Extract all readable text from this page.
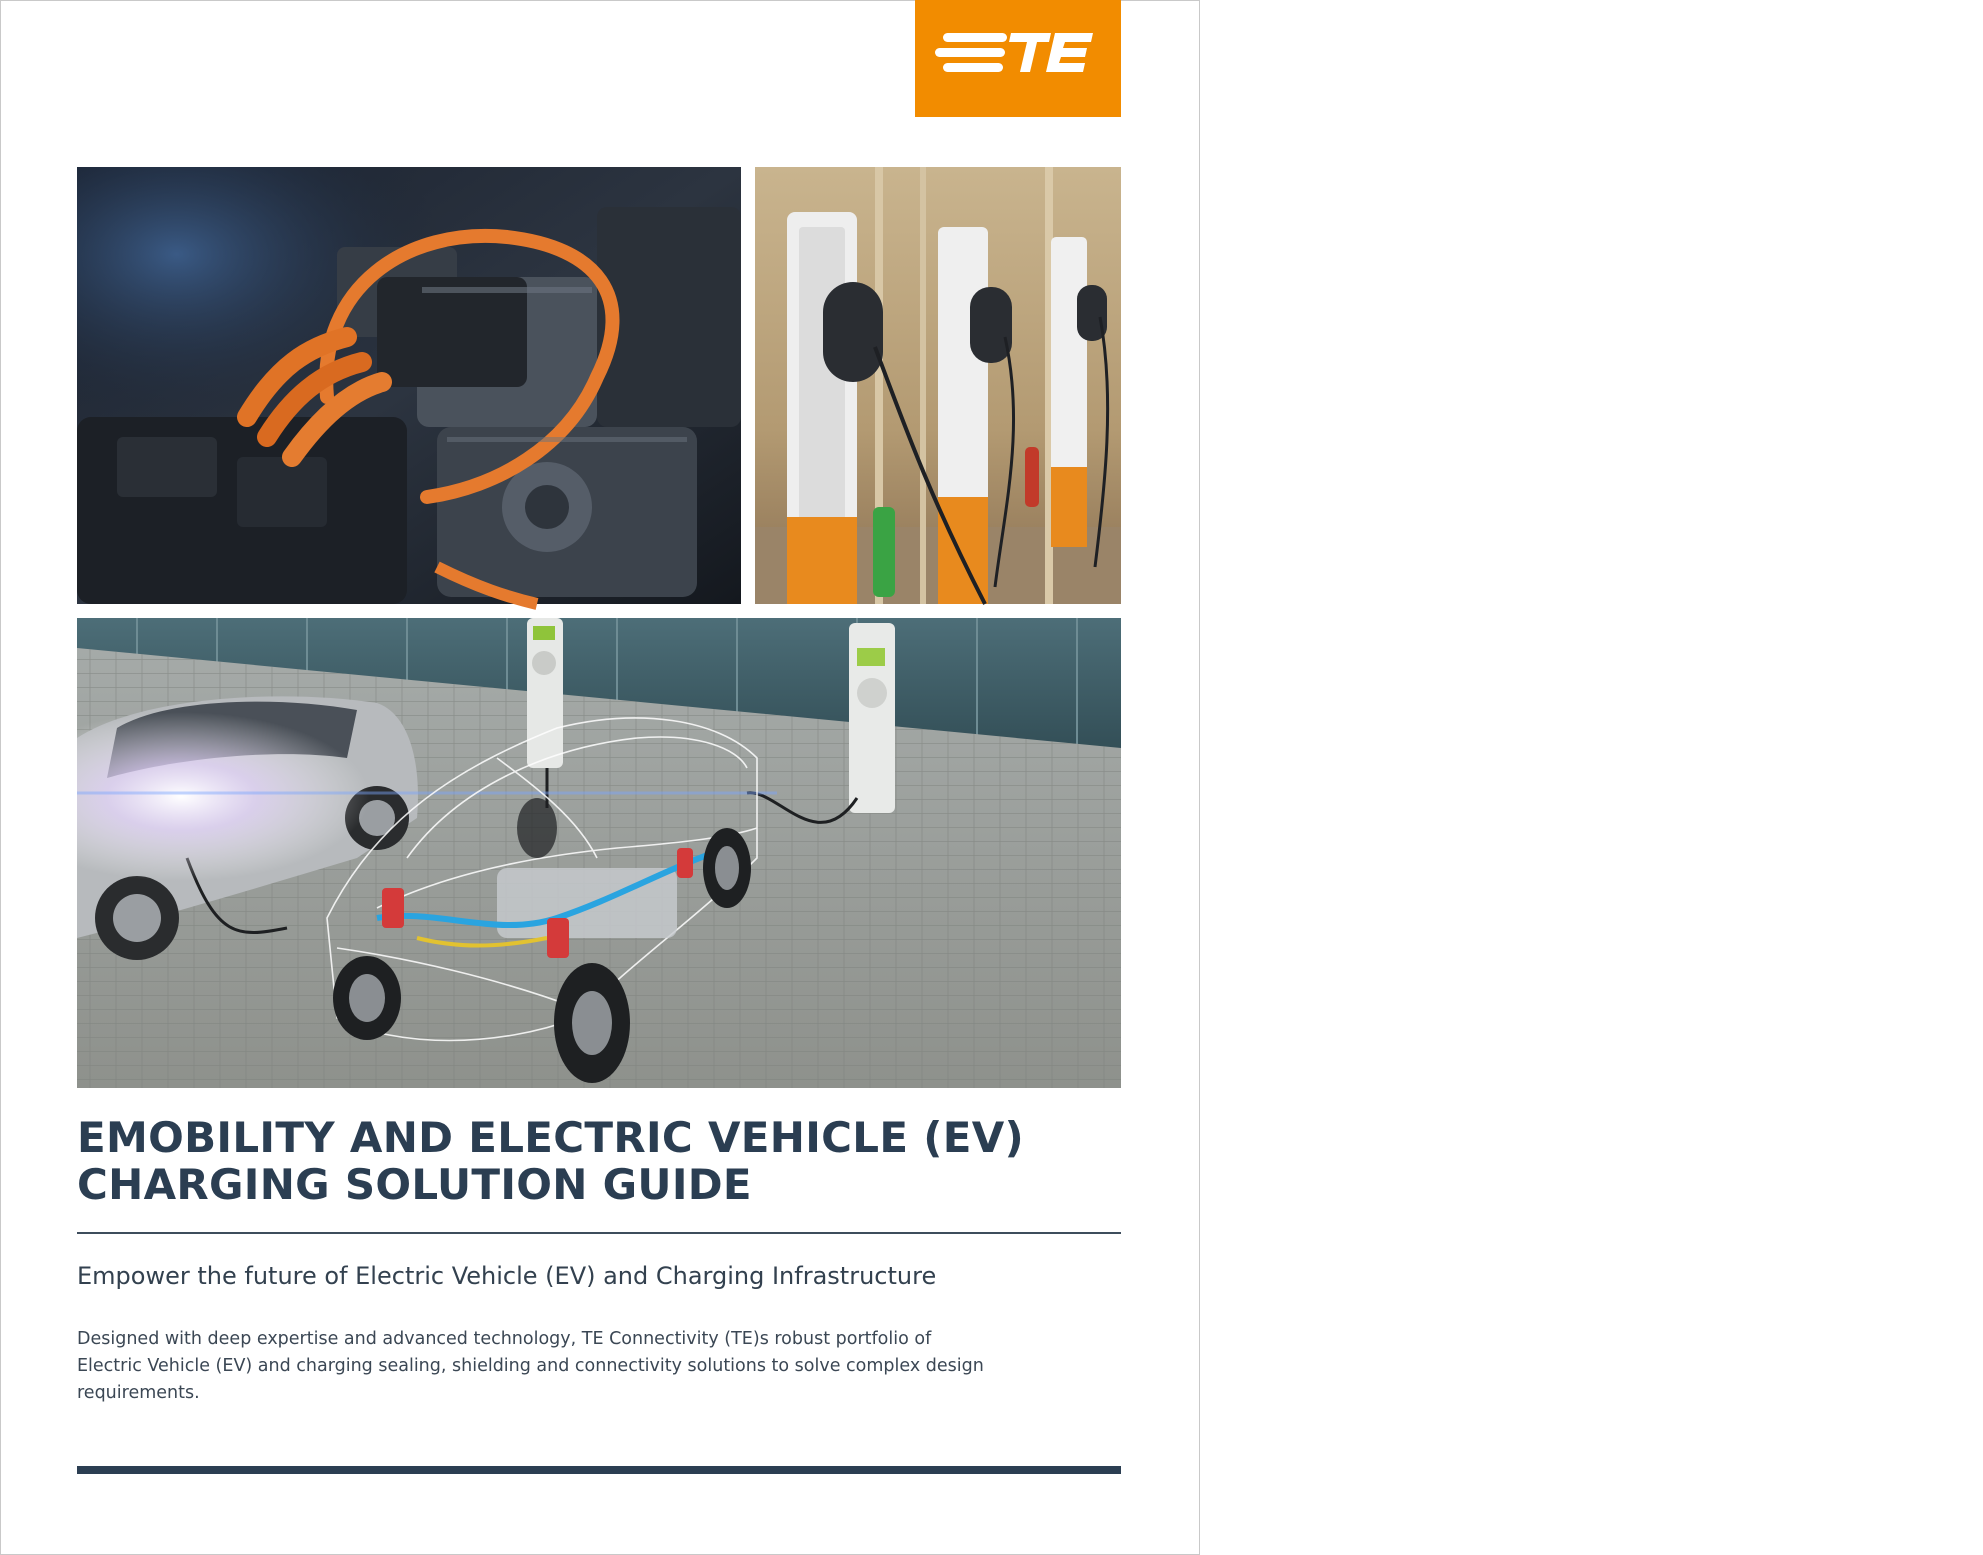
connectivity
EMOBILITY AND ELECTRIC VEHICLE (EV)
CHARGING SOLUTION GUIDE
Empower the future of Electric Vehicle (EV) and Charging Infrastructure
Designed with deep expertise and advanced technology, TE Connectivity (TE)s robust portfolio of
Electric Vehicle (EV) and charging sealing, shielding and connectivity solutions to solve complex design
requirements.
